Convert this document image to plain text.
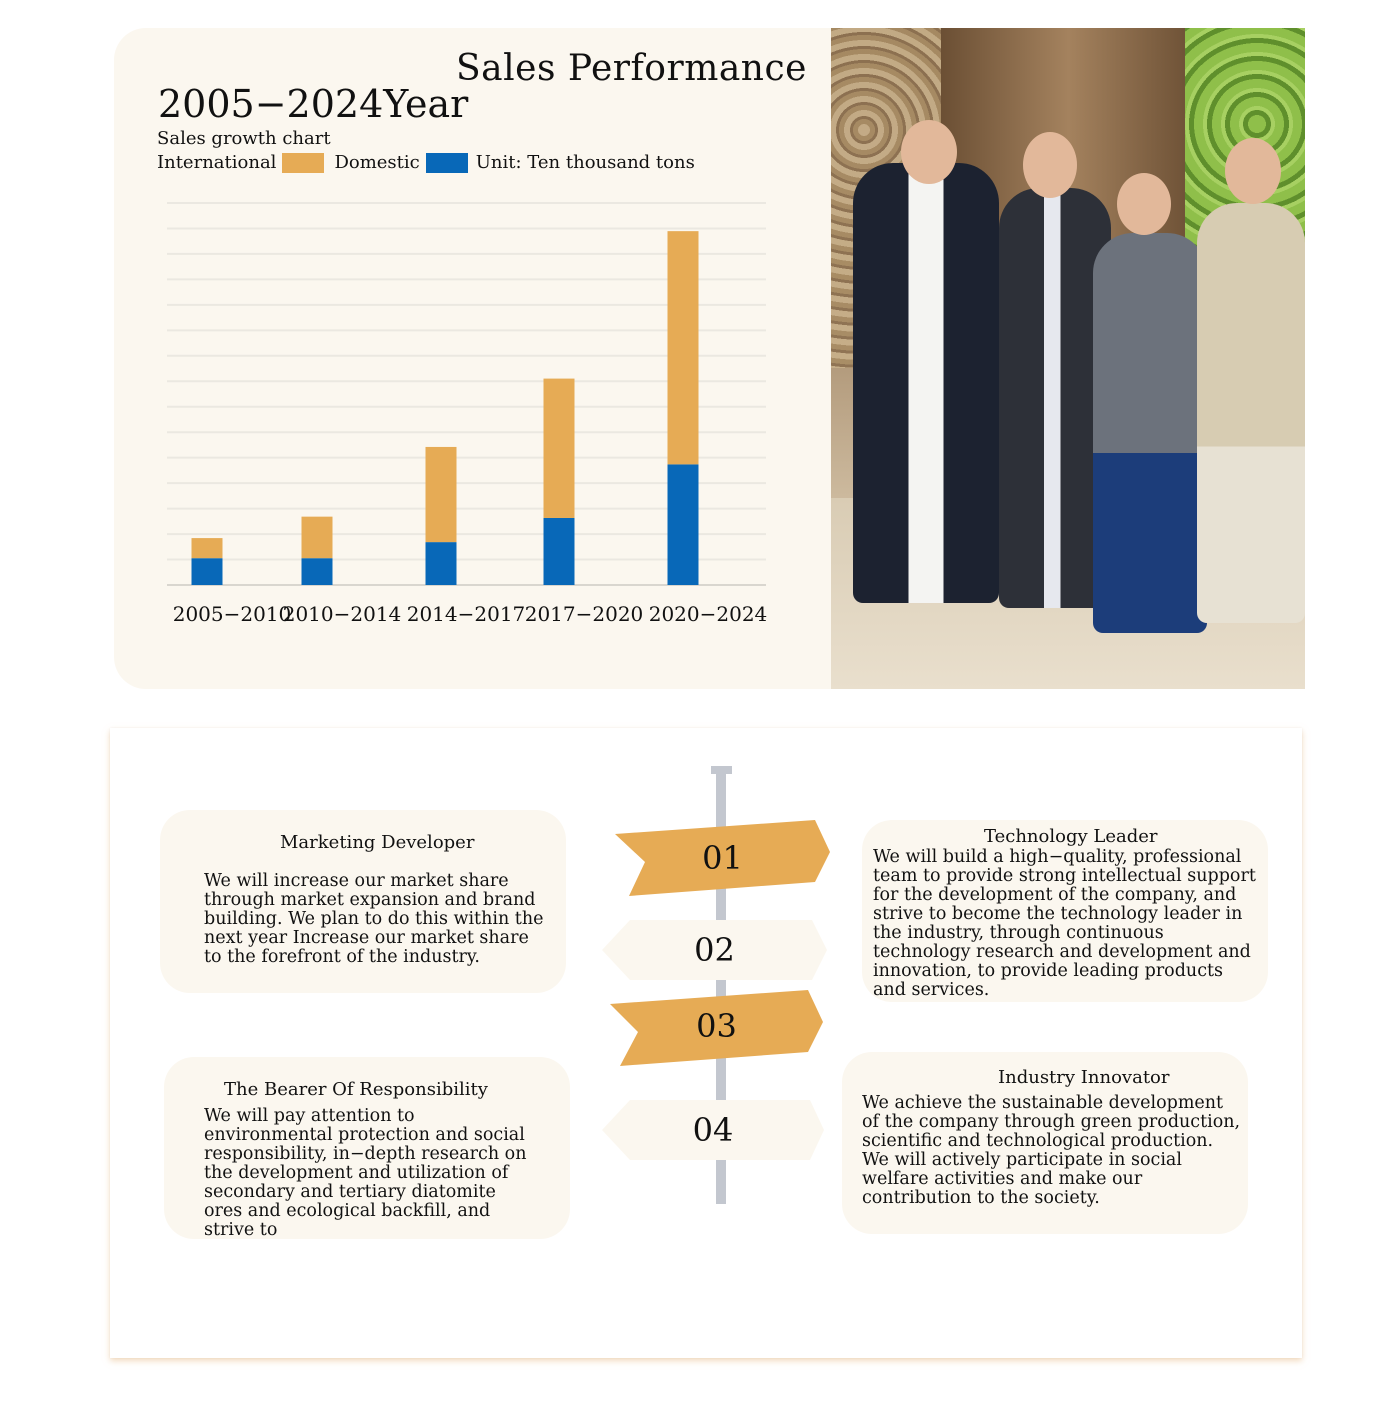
2005−2010
2010−2014 2014−2017 2017−2020 2020−2024
Sales Performance
2005−2024Year
Sales growth chart
International	Domestic	Unit: Ten thousand tons
Marketing Developer
We will increase our market share through market expansion and brand building. We plan to do this within the next year Increase our market share to the forefront of the industry.
Technology Leader
We will build a high−quality, professional team to provide strong intellectual support for the development of the company, and strive to become the technology leader in the industry, through continuous technology research and development and innovation, to provide leading products and services.
The Bearer Of Responsibility
We will pay attention to environmental protection and social responsibility, in−depth research on the development and utilization of secondary and tertiary diatomite ores and ecological backfill, and strive to
Industry Innovator
We achieve the sustainable development of the company through green production, scientific and technological production. We will actively participate in social welfare activities and make our contribution to the society.
01
02
03
04
